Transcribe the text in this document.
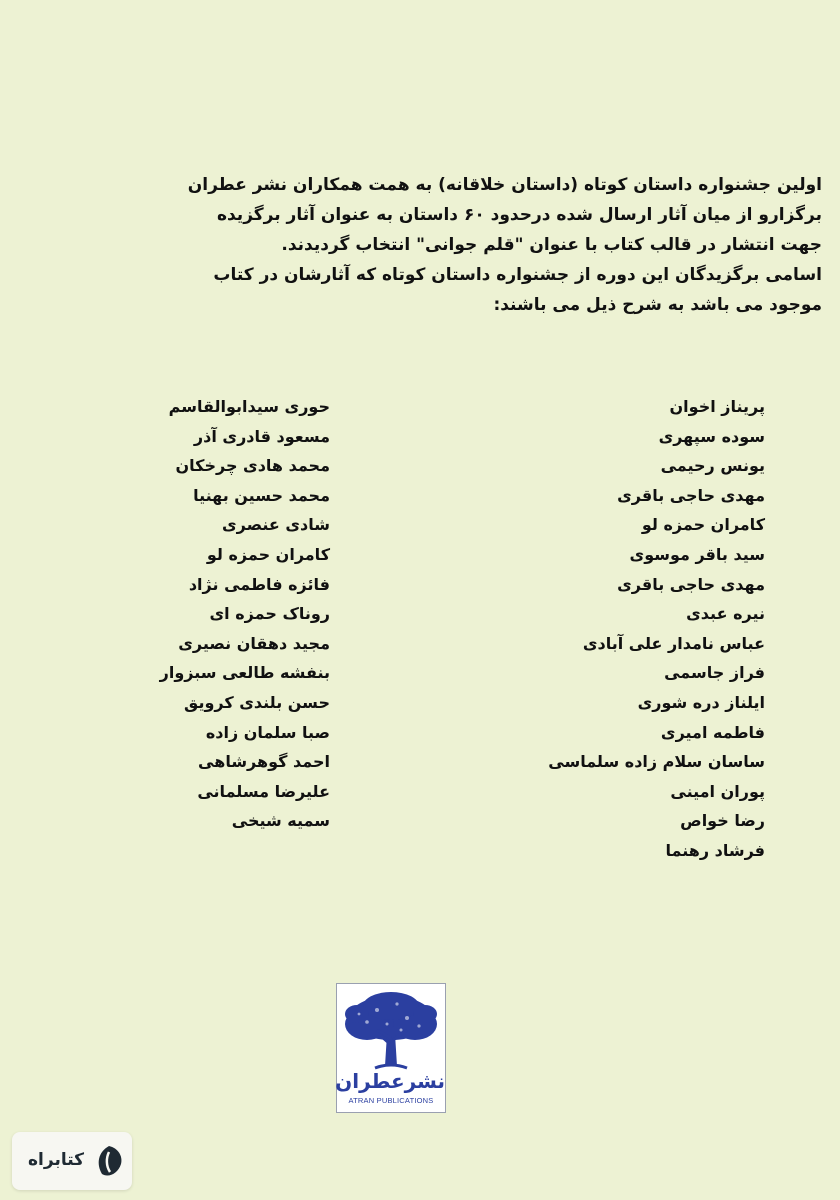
اولین جشنواره داستان کوتاه (داستان خلاقانه) به همت همکاران نشر عطران

برگزارو از میان آثار ارسال شده درحدود ۶۰ داستان به عنوان آثار برگزیده

جهت انتشار در قالب کتاب با عنوان "قلم جوانی" انتخاب گردیدند.

اسامی برگزیدگان این دوره از جشنواره داستان کوتاه که آثارشان در کتاب

موجود می باشد به شرح ذیل می باشند:

پریناز اخوان
سوده سپهری
یونس رحیمی
مهدی حاجی باقری
کامران حمزه لو
سید باقر موسوی
مهدی حاجی باقری
نیره عبدی
عباس نامدار علی آبادی
فراز جاسمی
ایلناز دره شوری
فاطمه امیری
ساسان سلام زاده سلماسی
پوران امینی
رضا خواص
فرشاد رهنما
حوری سیدابوالقاسم
مسعود قادری آذر
محمد هادی چرخکان
محمد حسین بهنیا
شادی عنصری
کامران حمزه لو
فائزه فاطمی نژاد
روناک حمزه ای
مجید دهقان نصیری
بنفشه طالعی سبزوار
حسن بلندی کرویق
صبا سلمان زاده
احمد گوهرشاهی
علیرضا مسلمانی
سمیه شیخی
نشرعطران
ATRAN PUBLICATIONS
کتابراه
